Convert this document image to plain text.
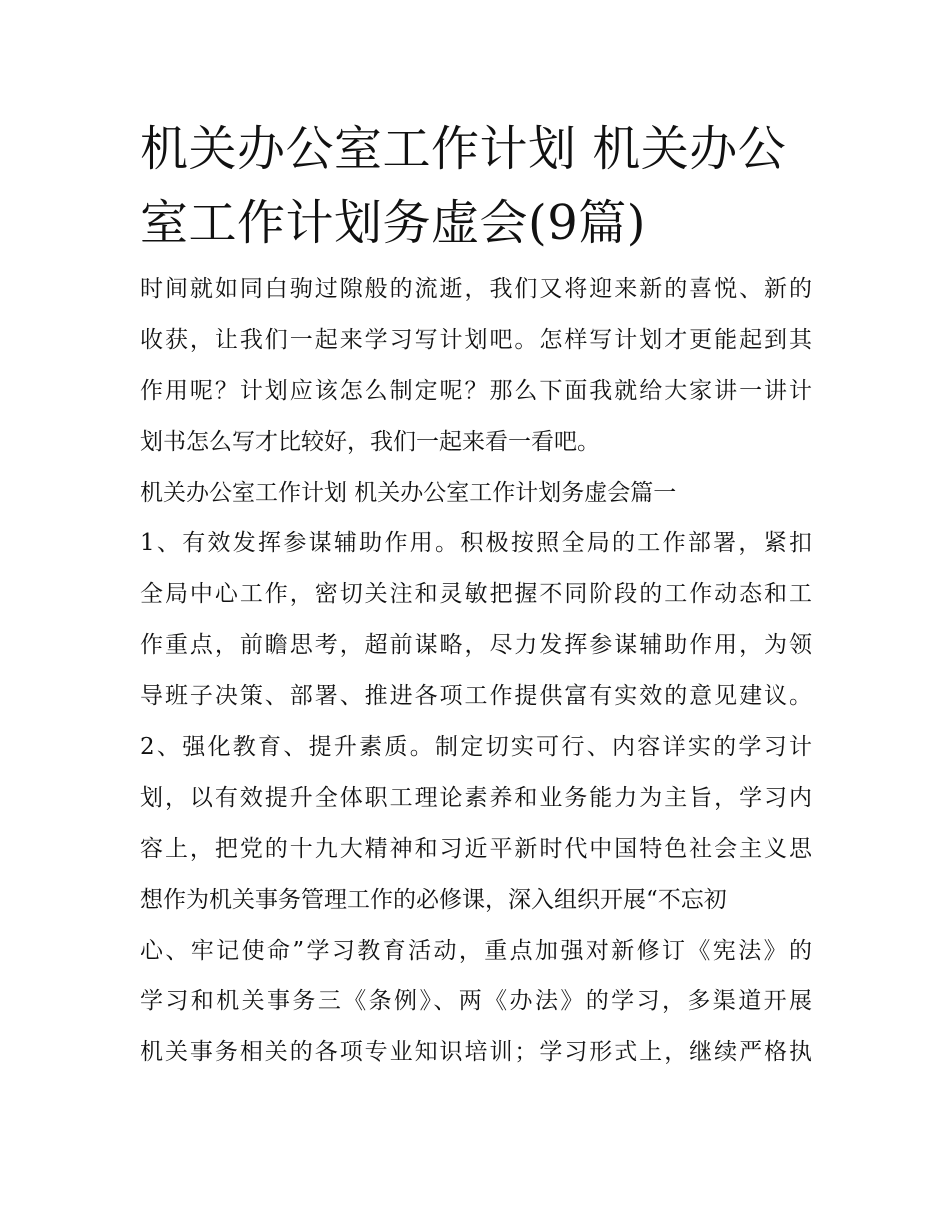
机关办公室工作计划 机关办公
室工作计划务虚会(9篇)
时间就如同白驹过隙般的流逝，我们又将迎来新的喜悦、新的
收获，让我们一起来学习写计划吧。怎样写计划才更能起到其
作用呢？计划应该怎么制定呢？那么下面我就给大家讲一讲计
划书怎么写才比较好，我们一起来看一看吧。
机关办公室工作计划 机关办公室工作计划务虚会篇一
1、有效发挥参谋辅助作用。积极按照全局的工作部署，紧扣
全局中心工作，密切关注和灵敏把握不同阶段的工作动态和工
作重点，前瞻思考，超前谋略，尽力发挥参谋辅助作用，为领
导班子决策、部署、推进各项工作提供富有实效的意见建议。
2、强化教育、提升素质。制定切实可行、内容详实的学习计
划，以有效提升全体职工理论素养和业务能力为主旨，学习内
容上，把党的十九大精神和习近平新时代中国特色社会主义思
想作为机关事务管理工作的必修课，深入组织开展“不忘初
心、牢记使命”学习教育活动，重点加强对新修订《宪法》的
学习和机关事务三《条例》、两《办法》的学习，多渠道开展
机关事务相关的各项专业知识培训；学习形式上，继续严格执
